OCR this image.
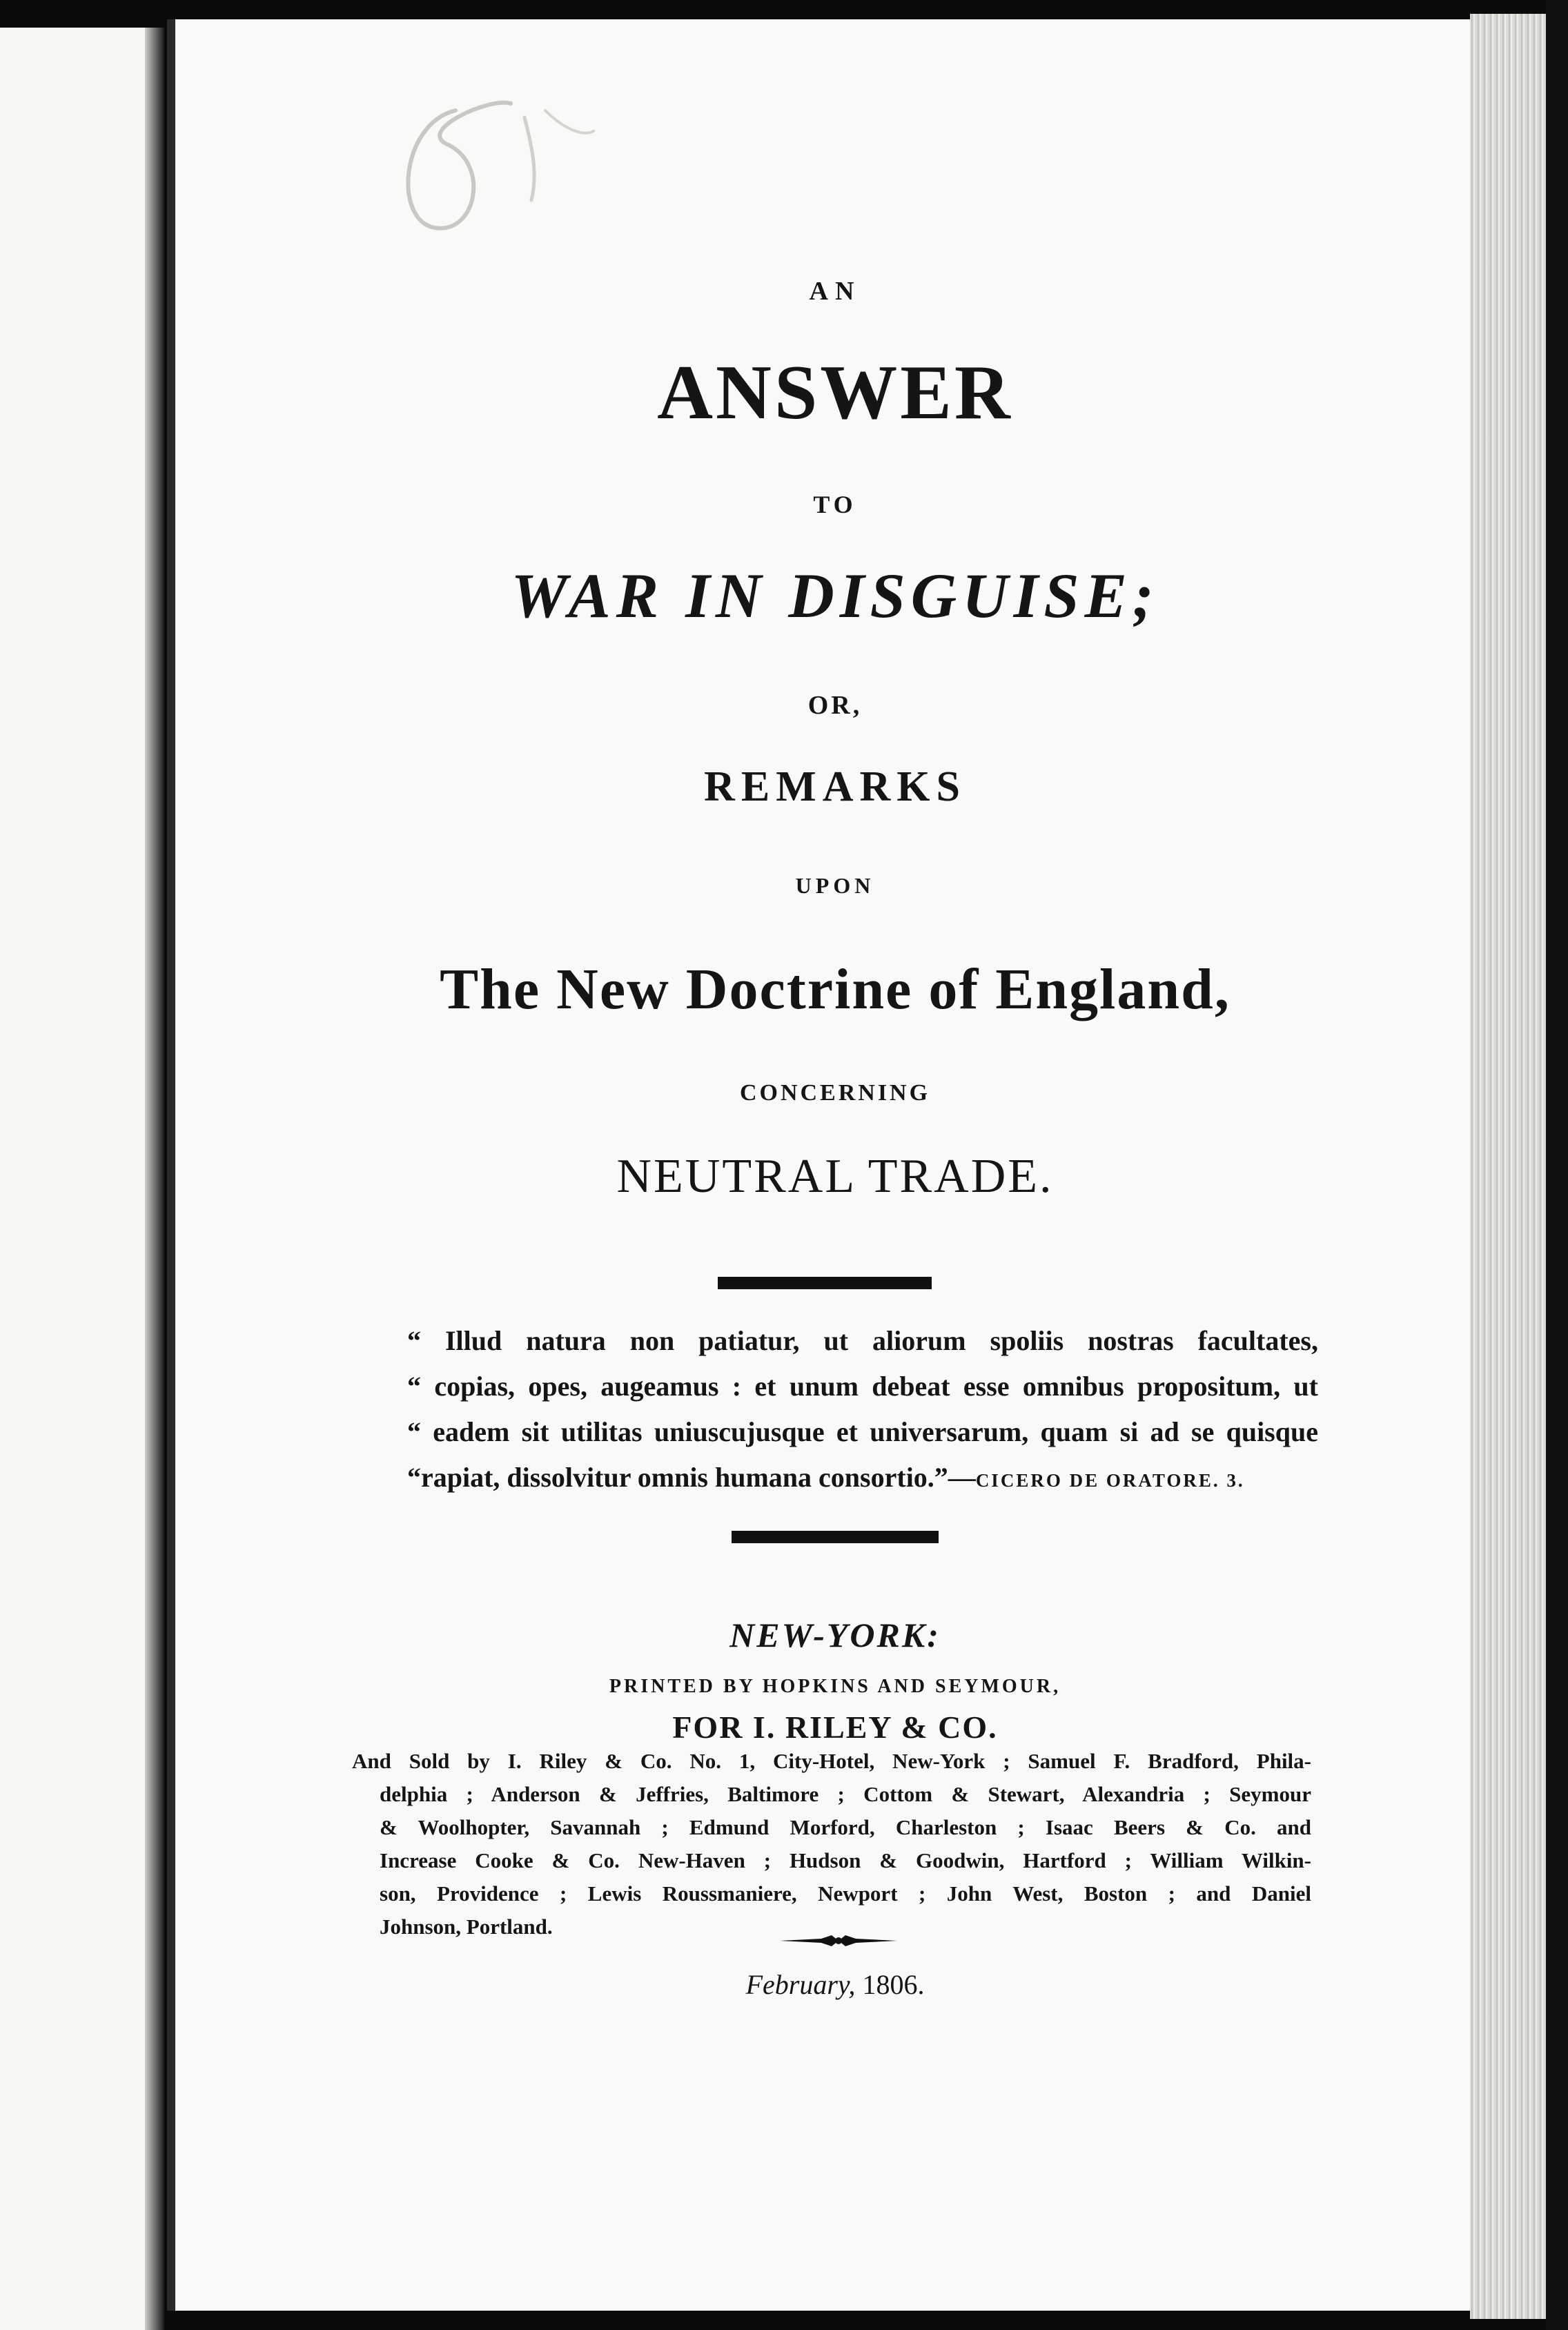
AN
ANSWER
TO
WAR IN DISGUISE;
OR,
REMARKS
UPON
The New Doctrine of England,
CONCERNING
NEUTRAL TRADE.
“ Illud natura non patiatur, ut aliorum spoliis nostras facultates,
“ copias, opes, augeamus : et unum debeat esse omnibus propositum, ut
“ eadem sit utilitas uniuscujusque et universarum, quam si ad se quisque
“rapiat, dissolvitur omnis humana consortio.”—CICERO DE ORATORE. 3.
NEW-YORK:
PRINTED BY HOPKINS AND SEYMOUR,
FOR I. RILEY & CO.
And Sold by I. Riley & Co. No. 1, City-Hotel, New-York ; Samuel F. Bradford, Phila-
delphia ; Anderson & Jeffries, Baltimore ; Cottom & Stewart, Alexandria ; Seymour
& Woolhopter, Savannah ; Edmund Morford, Charleston ; Isaac Beers & Co. and
Increase Cooke & Co. New-Haven ; Hudson & Goodwin, Hartford ; William Wilkin-
son, Providence ; Lewis Roussmaniere, Newport ; John West, Boston ; and Daniel
Johnson, Portland.
February, 1806.
